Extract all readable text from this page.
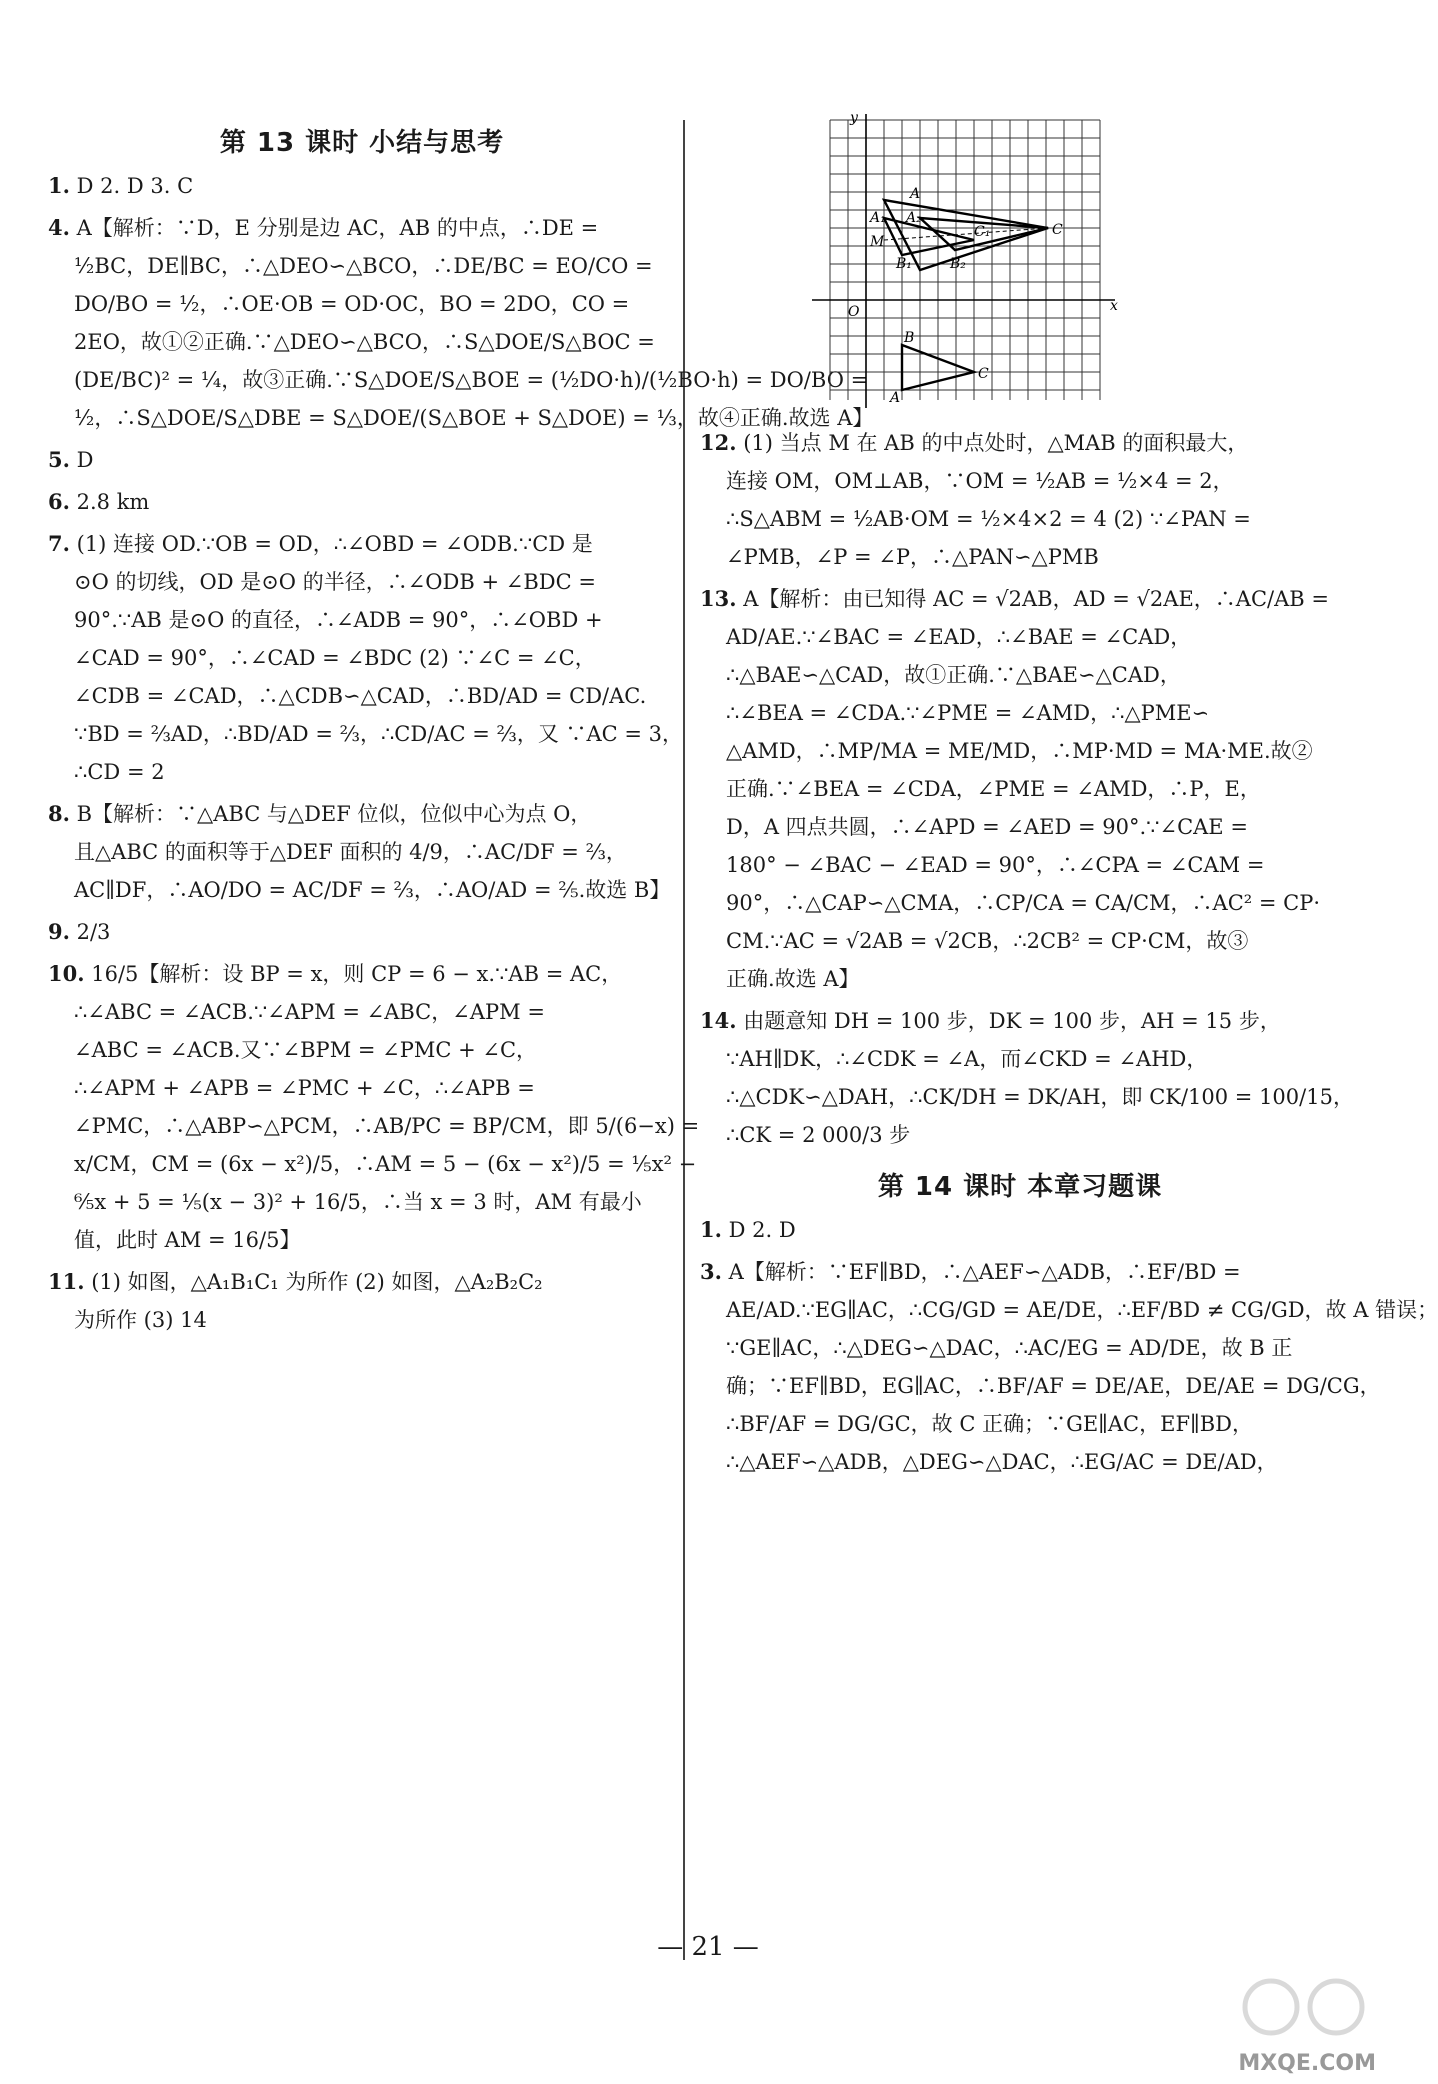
第 13 课时 小结与思考
1. D 2. D 3. C
4. A【解析：∵D，E 分别是边 AC，AB 的中点，∴DE =
½BC，DE∥BC，∴△DEO∽△BCO，∴DE/BC = EO/CO =
DO/BO = ½，∴OE·OB = OD·OC，BO = 2DO，CO =
2EO，故①②正确.∵△DEO∽△BCO，∴S△DOE/S△BOC =
(DE/BC)² = ¼，故③正确.∵S△DOE/S△BOE = (½DO·h)/(½BO·h) = DO/BO =
½，∴S△DOE/S△DBE = S△DOE/(S△BOE + S△DOE) = ⅓，故④正确.故选 A】
5. D
6. 2.8 km
7. (1) 连接 OD.∵OB = OD，∴∠OBD = ∠ODB.∵CD 是
⊙O 的切线，OD 是⊙O 的半径，∴∠ODB + ∠BDC =
90°.∵AB 是⊙O 的直径，∴∠ADB = 90°，∴∠OBD +
∠CAD = 90°，∴∠CAD = ∠BDC (2) ∵∠C = ∠C，
∠CDB = ∠CAD，∴△CDB∽△CAD，∴BD/AD = CD/AC.
∵BD = ⅔AD，∴BD/AD = ⅔，∴CD/AC = ⅔，又 ∵AC = 3，
∴CD = 2
8. B【解析：∵△ABC 与△DEF 位似，位似中心为点 O，
且△ABC 的面积等于△DEF 面积的 4/9，∴AC/DF = ⅔，
AC∥DF，∴AO/DO = AC/DF = ⅔，∴AO/AD = ⅖.故选 B】
9. 2/3
10. 16/5【解析：设 BP = x，则 CP = 6 − x.∵AB = AC，
∴∠ABC = ∠ACB.∵∠APM = ∠ABC，∠APM =
∠ABC = ∠ACB.又∵∠BPM = ∠PMC + ∠C，
∴∠APM + ∠APB = ∠PMC + ∠C，∴∠APB =
∠PMC，∴△ABP∽△PCM，∴AB/PC = BP/CM，即 5/(6−x) =
x/CM，CM = (6x − x²)/5，∴AM = 5 − (6x − x²)/5 = ⅕x² −
⁶⁄₅x + 5 = ⅕(x − 3)² + 16/5，∴当 x = 3 时，AM 有最小
值，此时 AM = 16/5】
11. (1) 如图，△A₁B₁C₁ 为所作 (2) 如图，△A₂B₂C₂
为所作 (3) 14
x
y
O
A
A₁ A₂
B₁	B₂
C
C₁
M
B
C
A
12. (1) 当点 M 在 AB 的中点处时，△MAB 的面积最大，
连接 OM，OM⊥AB，∵OM = ½AB = ½×4 = 2，
∴S△ABM = ½AB·OM = ½×4×2 = 4 (2) ∵∠PAN =
∠PMB，∠P = ∠P，∴△PAN∽△PMB
13. A【解析：由已知得 AC = √2AB，AD = √2AE，∴AC/AB =
AD/AE.∵∠BAC = ∠EAD，∴∠BAE = ∠CAD，
∴△BAE∽△CAD，故①正确.∵△BAE∽△CAD，
∴∠BEA = ∠CDA.∵∠PME = ∠AMD，∴△PME∽
△AMD，∴MP/MA = ME/MD，∴MP·MD = MA·ME.故②
正确.∵∠BEA = ∠CDA，∠PME = ∠AMD，∴P，E，
D，A 四点共圆，∴∠APD = ∠AED = 90°.∵∠CAE =
180° − ∠BAC − ∠EAD = 90°，∴∠CPA = ∠CAM =
90°，∴△CAP∽△CMA，∴CP/CA = CA/CM，∴AC² = CP·
CM.∵AC = √2AB = √2CB，∴2CB² = CP·CM，故③
正确.故选 A】
14. 由题意知 DH = 100 步，DK = 100 步，AH = 15 步，
∵AH∥DK，∴∠CDK = ∠A，而∠CKD = ∠AHD，
∴△CDK∽△DAH，∴CK/DH = DK/AH，即 CK/100 = 100/15，
∴CK = 2 000/3 步
第 14 课时 本章习题课
1. D 2. D
3. A【解析：∵EF∥BD，∴△AEF∽△ADB，∴EF/BD =
AE/AD.∵EG∥AC，∴CG/GD = AE/DE，∴EF/BD ≠ CG/GD，故 A 错误；
∵GE∥AC，∴△DEG∽△DAC，∴AC/EG = AD/DE，故 B 正
确；∵EF∥BD，EG∥AC，∴BF/AF = DE/AE，DE/AE = DG/CG，
∴BF/AF = DG/GC，故 C 正确；∵GE∥AC，EF∥BD，
∴△AEF∽△ADB，△DEG∽△DAC，∴EG/AC = DE/AD，
— 21 —
MXQE.COM
